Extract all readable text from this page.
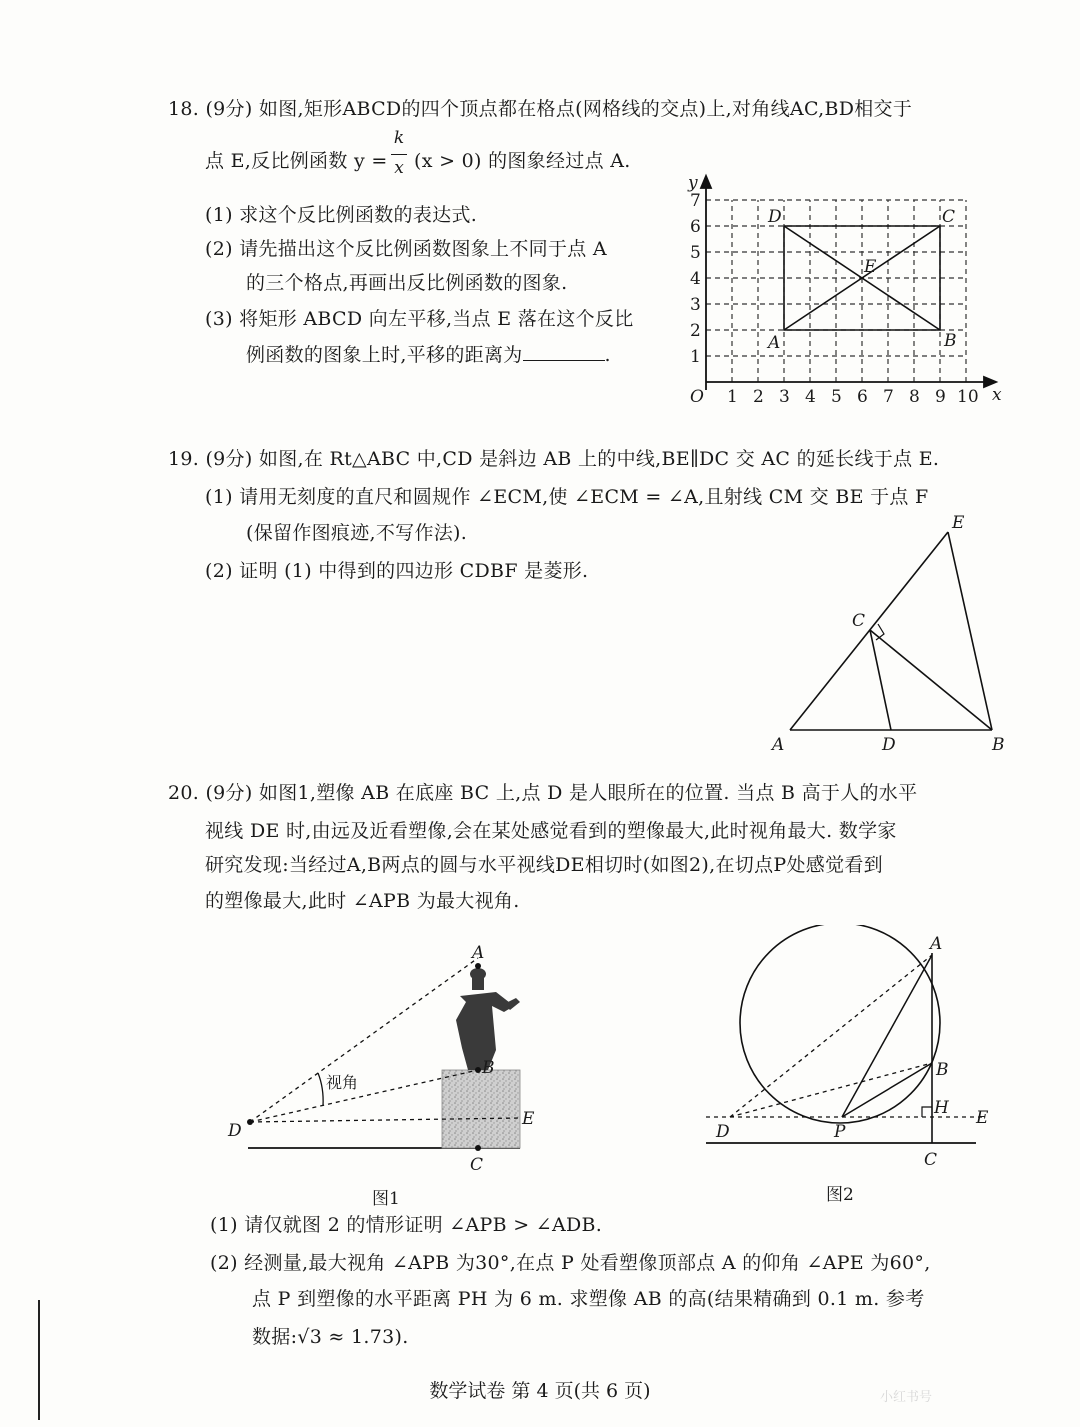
18. (9分) 如图,矩形ABCD的四个顶点都在格点(网格线的交点)上,对角线AC,BD相交于
点 E,反比例函数 y =
k
x (x > 0) 的图象经过点 A.
(1) 求这个反比例函数的表达式.
(2) 请先描出这个反比例函数图象上不同于点 A
的三个格点,再画出反比例函数的图象.
(3) 将矩形 ABCD 向左平移,当点 E 落在这个反比
例函数的图象上时,平移的距离为	.
1 2 3 4 5 6 7 8 9 10
1
2
3
4
5
6
7
O	x
y
A	B
C
D
E
19. (9分) 如图,在 Rt△ABC 中,CD 是斜边 AB 上的中线,BE∥DC 交 AC 的延长线于点 E.
(1) 请用无刻度的直尺和圆规作 ∠ECM,使 ∠ECM = ∠A,且射线 CM 交 BE 于点 F
(保留作图痕迹,不写作法).
(2) 证明 (1) 中得到的四边形 CDBF 是菱形.
A	B
C
D
E
20. (9分) 如图1,塑像 AB 在底座 BC 上,点 D 是人眼所在的位置. 当点 B 高于人的水平
视线 DE 时,由远及近看塑像,会在某处感觉看到的塑像最大,此时视角最大. 数学家
研究发现:当经过A,B两点的圆与水平视线DE相切时(如图2),在切点P处感觉看到
的塑像最大,此时 ∠APB 为最大视角.
A
B
C
D
E
视角
图1
A
B
C
D
E
H
P
图2
(1) 请仅就图 2 的情形证明 ∠APB > ∠ADB.
(2) 经测量,最大视角 ∠APB 为30°,在点 P 处看塑像顶部点 A 的仰角 ∠APE 为60°,
点 P 到塑像的水平距离 PH 为 6 m. 求塑像 AB 的高(结果精确到 0.1 m. 参考
数据:√3 ≈ 1.73).
数学试卷 第 4 页(共 6 页)	小红书号
